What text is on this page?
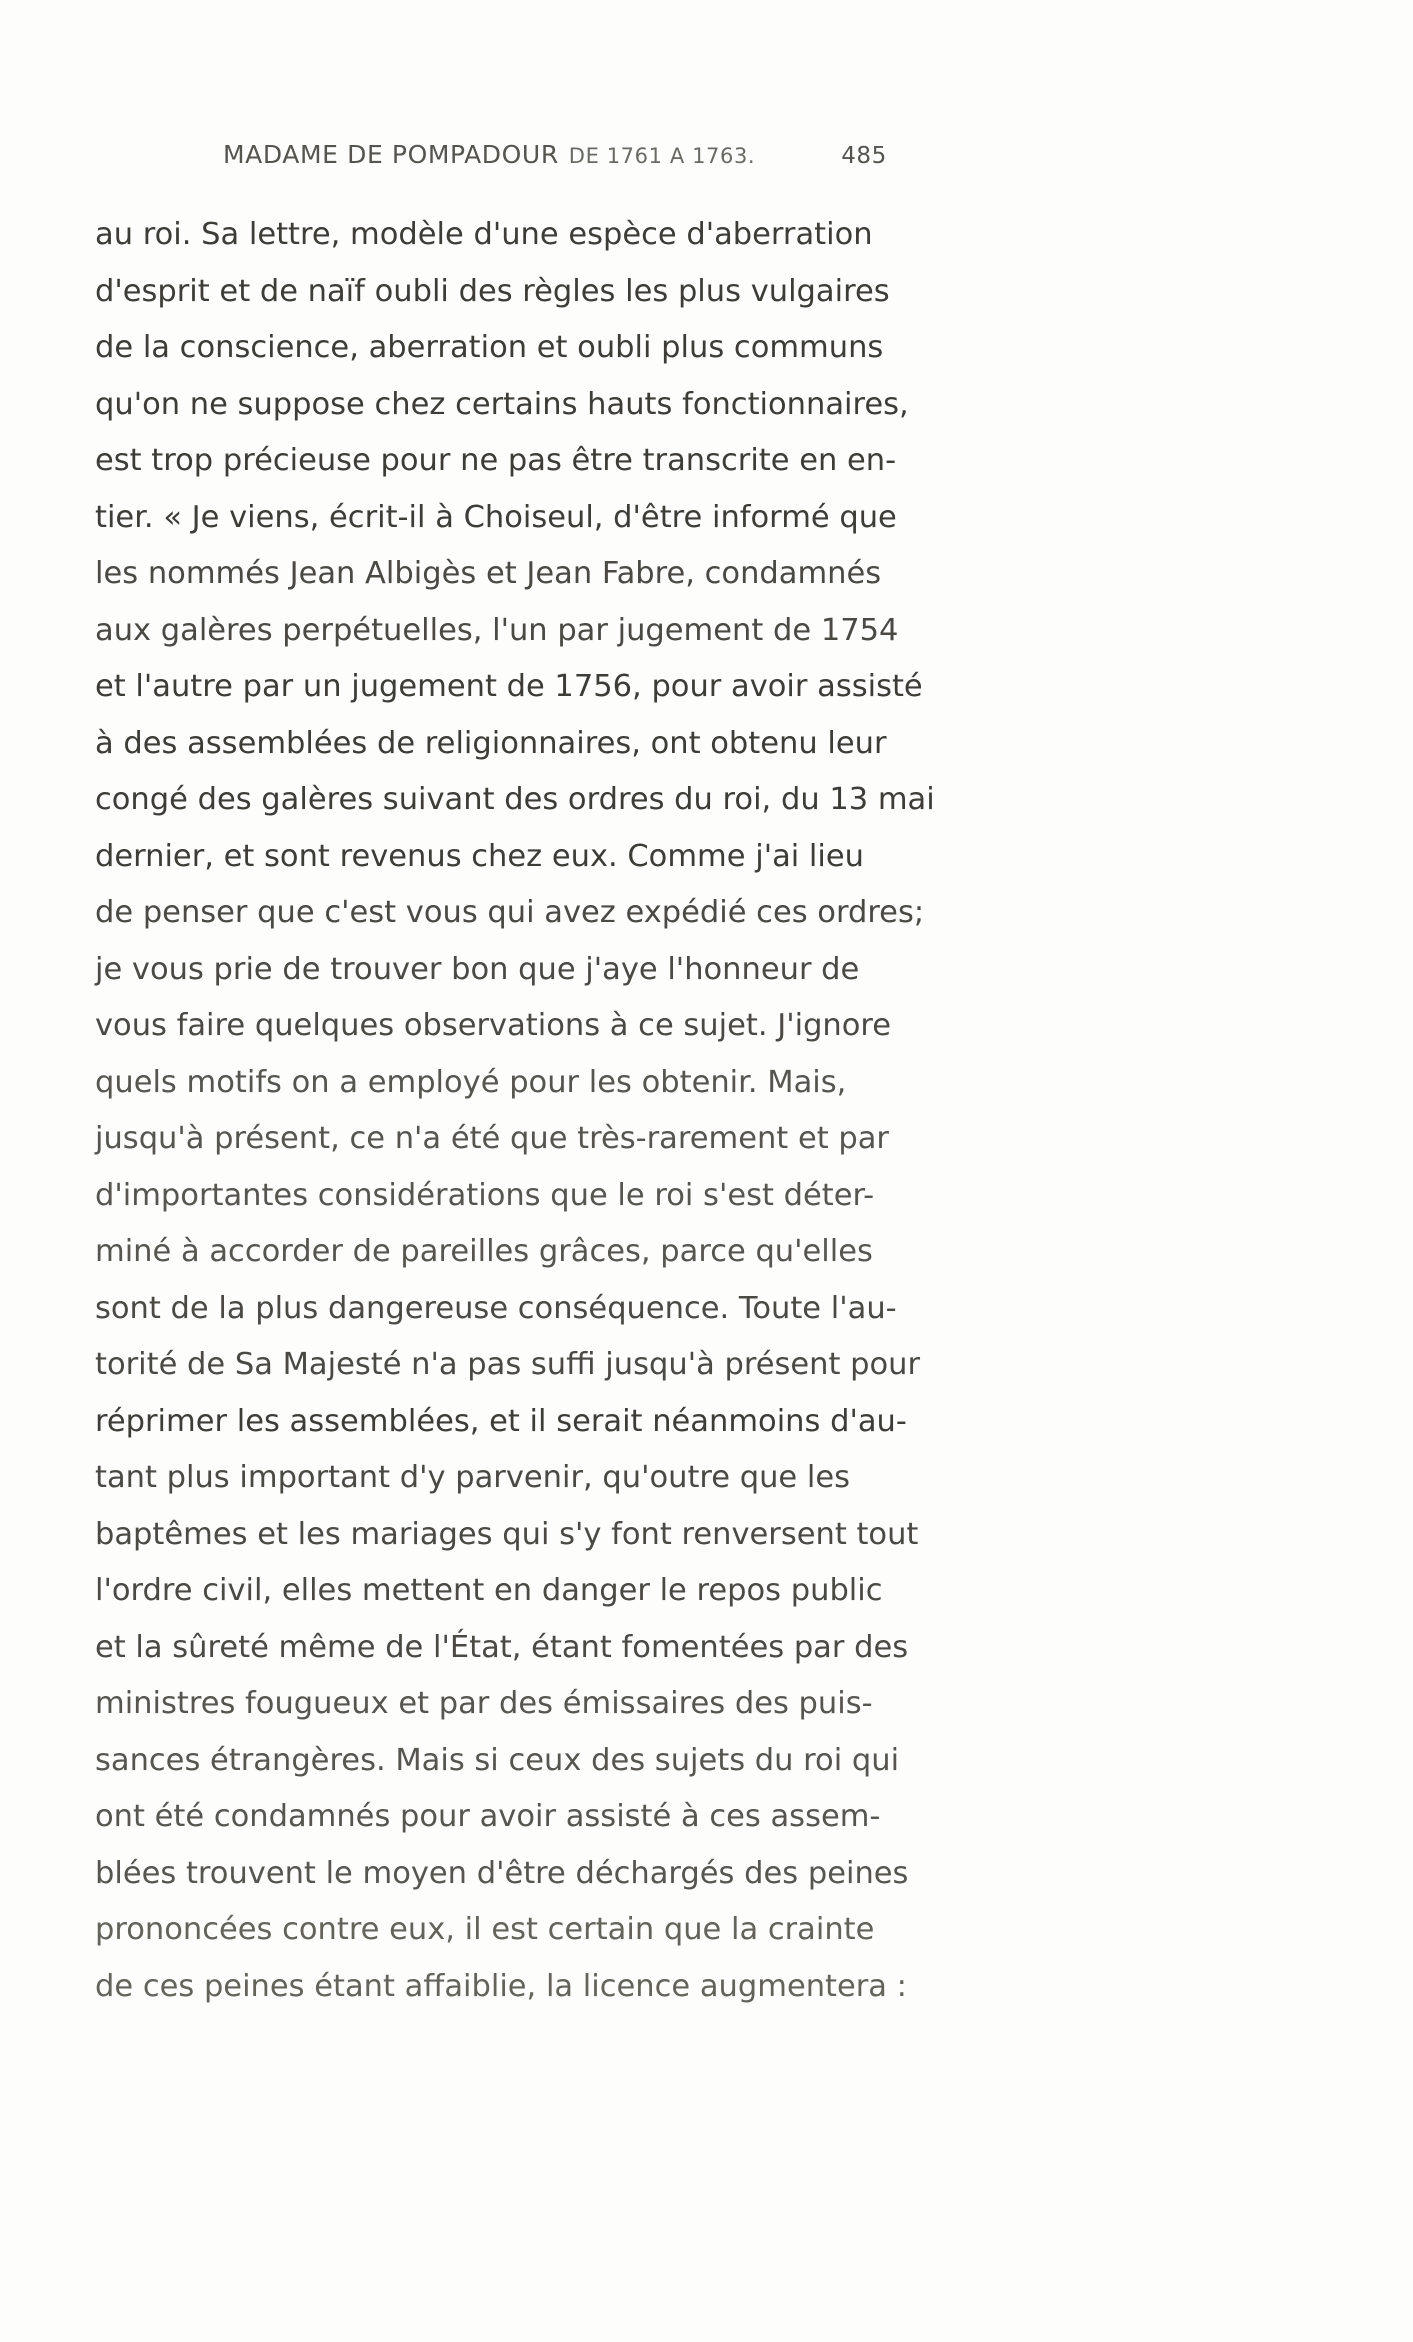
MADAME DE POMPADOUR DE 1761 A 1763.	485

au roi. Sa lettre, modèle d'une espèce d'aberration
d'esprit et de naïf oubli des règles les plus vulgaires
de la conscience, aberration et oubli plus communs
qu'on ne suppose chez certains hauts fonctionnaires,
est trop précieuse pour ne pas être transcrite en en-
tier. « Je viens, écrit-il à Choiseul, d'être informé que
les nommés Jean Albigès et Jean Fabre, condamnés
aux galères perpétuelles, l'un par jugement de 1754
et l'autre par un jugement de 1756, pour avoir assisté
à des assemblées de religionnaires, ont obtenu leur
congé des galères suivant des ordres du roi, du 13 mai
dernier, et sont revenus chez eux. Comme j'ai lieu
de penser que c'est vous qui avez expédié ces ordres;
je vous prie de trouver bon que j'aye l'honneur de
vous faire quelques observations à ce sujet. J'ignore
quels motifs on a employé pour les obtenir. Mais,
jusqu'à présent, ce n'a été que très-rarement et par
d'importantes considérations que le roi s'est déter-
miné à accorder de pareilles grâces, parce qu'elles
sont de la plus dangereuse conséquence. Toute l'au-
torité de Sa Majesté n'a pas suffi jusqu'à présent pour
réprimer les assemblées, et il serait néanmoins d'au-
tant plus important d'y parvenir, qu'outre que les
baptêmes et les mariages qui s'y font renversent tout
l'ordre civil, elles mettent en danger le repos public
et la sûreté même de l'État, étant fomentées par des
ministres fougueux et par des émissaires des puis-
sances étrangères. Mais si ceux des sujets du roi qui
ont été condamnés pour avoir assisté à ces assem-
blées trouvent le moyen d'être déchargés des peines
prononcées contre eux, il est certain que la crainte
de ces peines étant affaiblie, la licence augmentera :
